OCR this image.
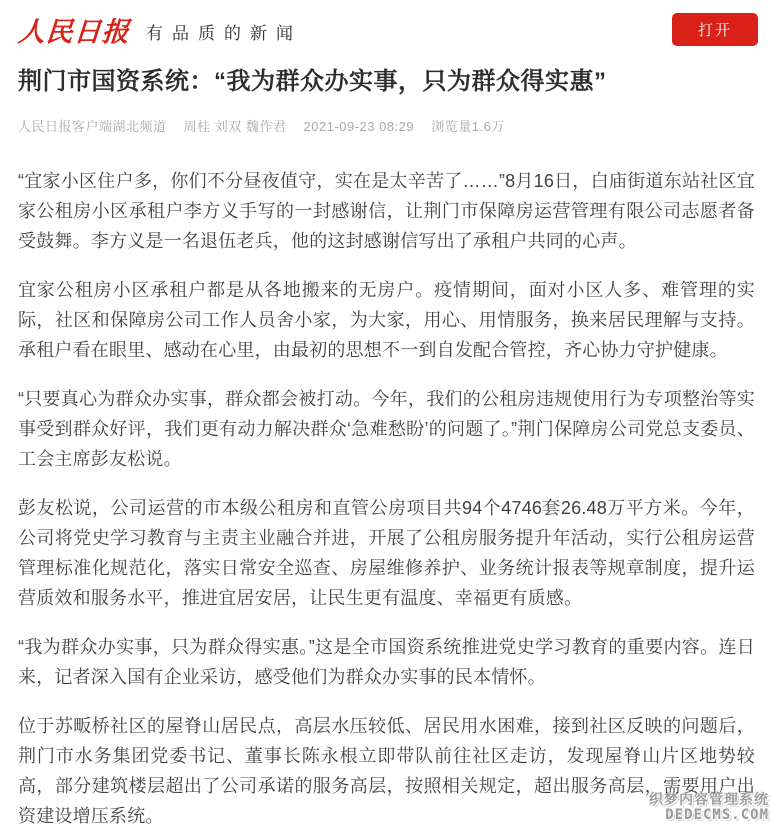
人民日报 有品质的新闻	打开
荆门市国资系统：“我为群众办实事，只为群众得实惠”
人民日报客户端湖北频道 周桂 刘双 魏作君 2021-09-23 08:29 浏览量1.6万

“宜家小区住户多，你们不分昼夜值守，实在是太辛苦了……”8月16日，白庙街道东站社区宜家公租房小区承租户李方义手写的一封感谢信，让荆门市保障房运营管理有限公司志愿者备受鼓舞。李方义是一名退伍老兵，他的这封感谢信写出了承租户共同的心声。

宜家公租房小区承租户都是从各地搬来的无房户。疫情期间，面对小区人多、难管理的实际，社区和保障房公司工作人员舍小家，为大家，用心、用情服务，换来居民理解与支持。承租户看在眼里、感动在心里，由最初的思想不一到自发配合管控，齐心协力守护健康。

“只要真心为群众办实事，群众都会被打动。今年，我们的公租房违规使用行为专项整治等实事受到群众好评，我们更有动力解决群众‘急难愁盼’的问题了。”荆门保障房公司党总支委员、工会主席彭友松说。

彭友松说，公司运营的市本级公租房和直管公房项目共94个4746套26.48万平方米。今年，公司将党史学习教育与主责主业融合并进，开展了公租房服务提升年活动，实行公租房运营管理标准化规范化，落实日常安全巡查、房屋维修养护、业务统计报表等规章制度，提升运营质效和服务水平，推进宜居安居，让民生更有温度、幸福更有质感。

“我为群众办实事，只为群众得实惠。”这是全市国资系统推进党史学习教育的重要内容。连日来，记者深入国有企业采访，感受他们为群众办实事的民本情怀。

位于苏畈桥社区的屋脊山居民点，高层水压较低、居民用水困难，接到社区反映的问题后，荆门市水务集团党委书记、董事长陈永根立即带队前往社区走访，发现屋脊山片区地势较高，部分建筑楼层超出了公司承诺的服务高层，按照相关规定，超出服务高层，需要用户出资建设增压系统。

织梦内容管理系统
DEDECMS.COM
